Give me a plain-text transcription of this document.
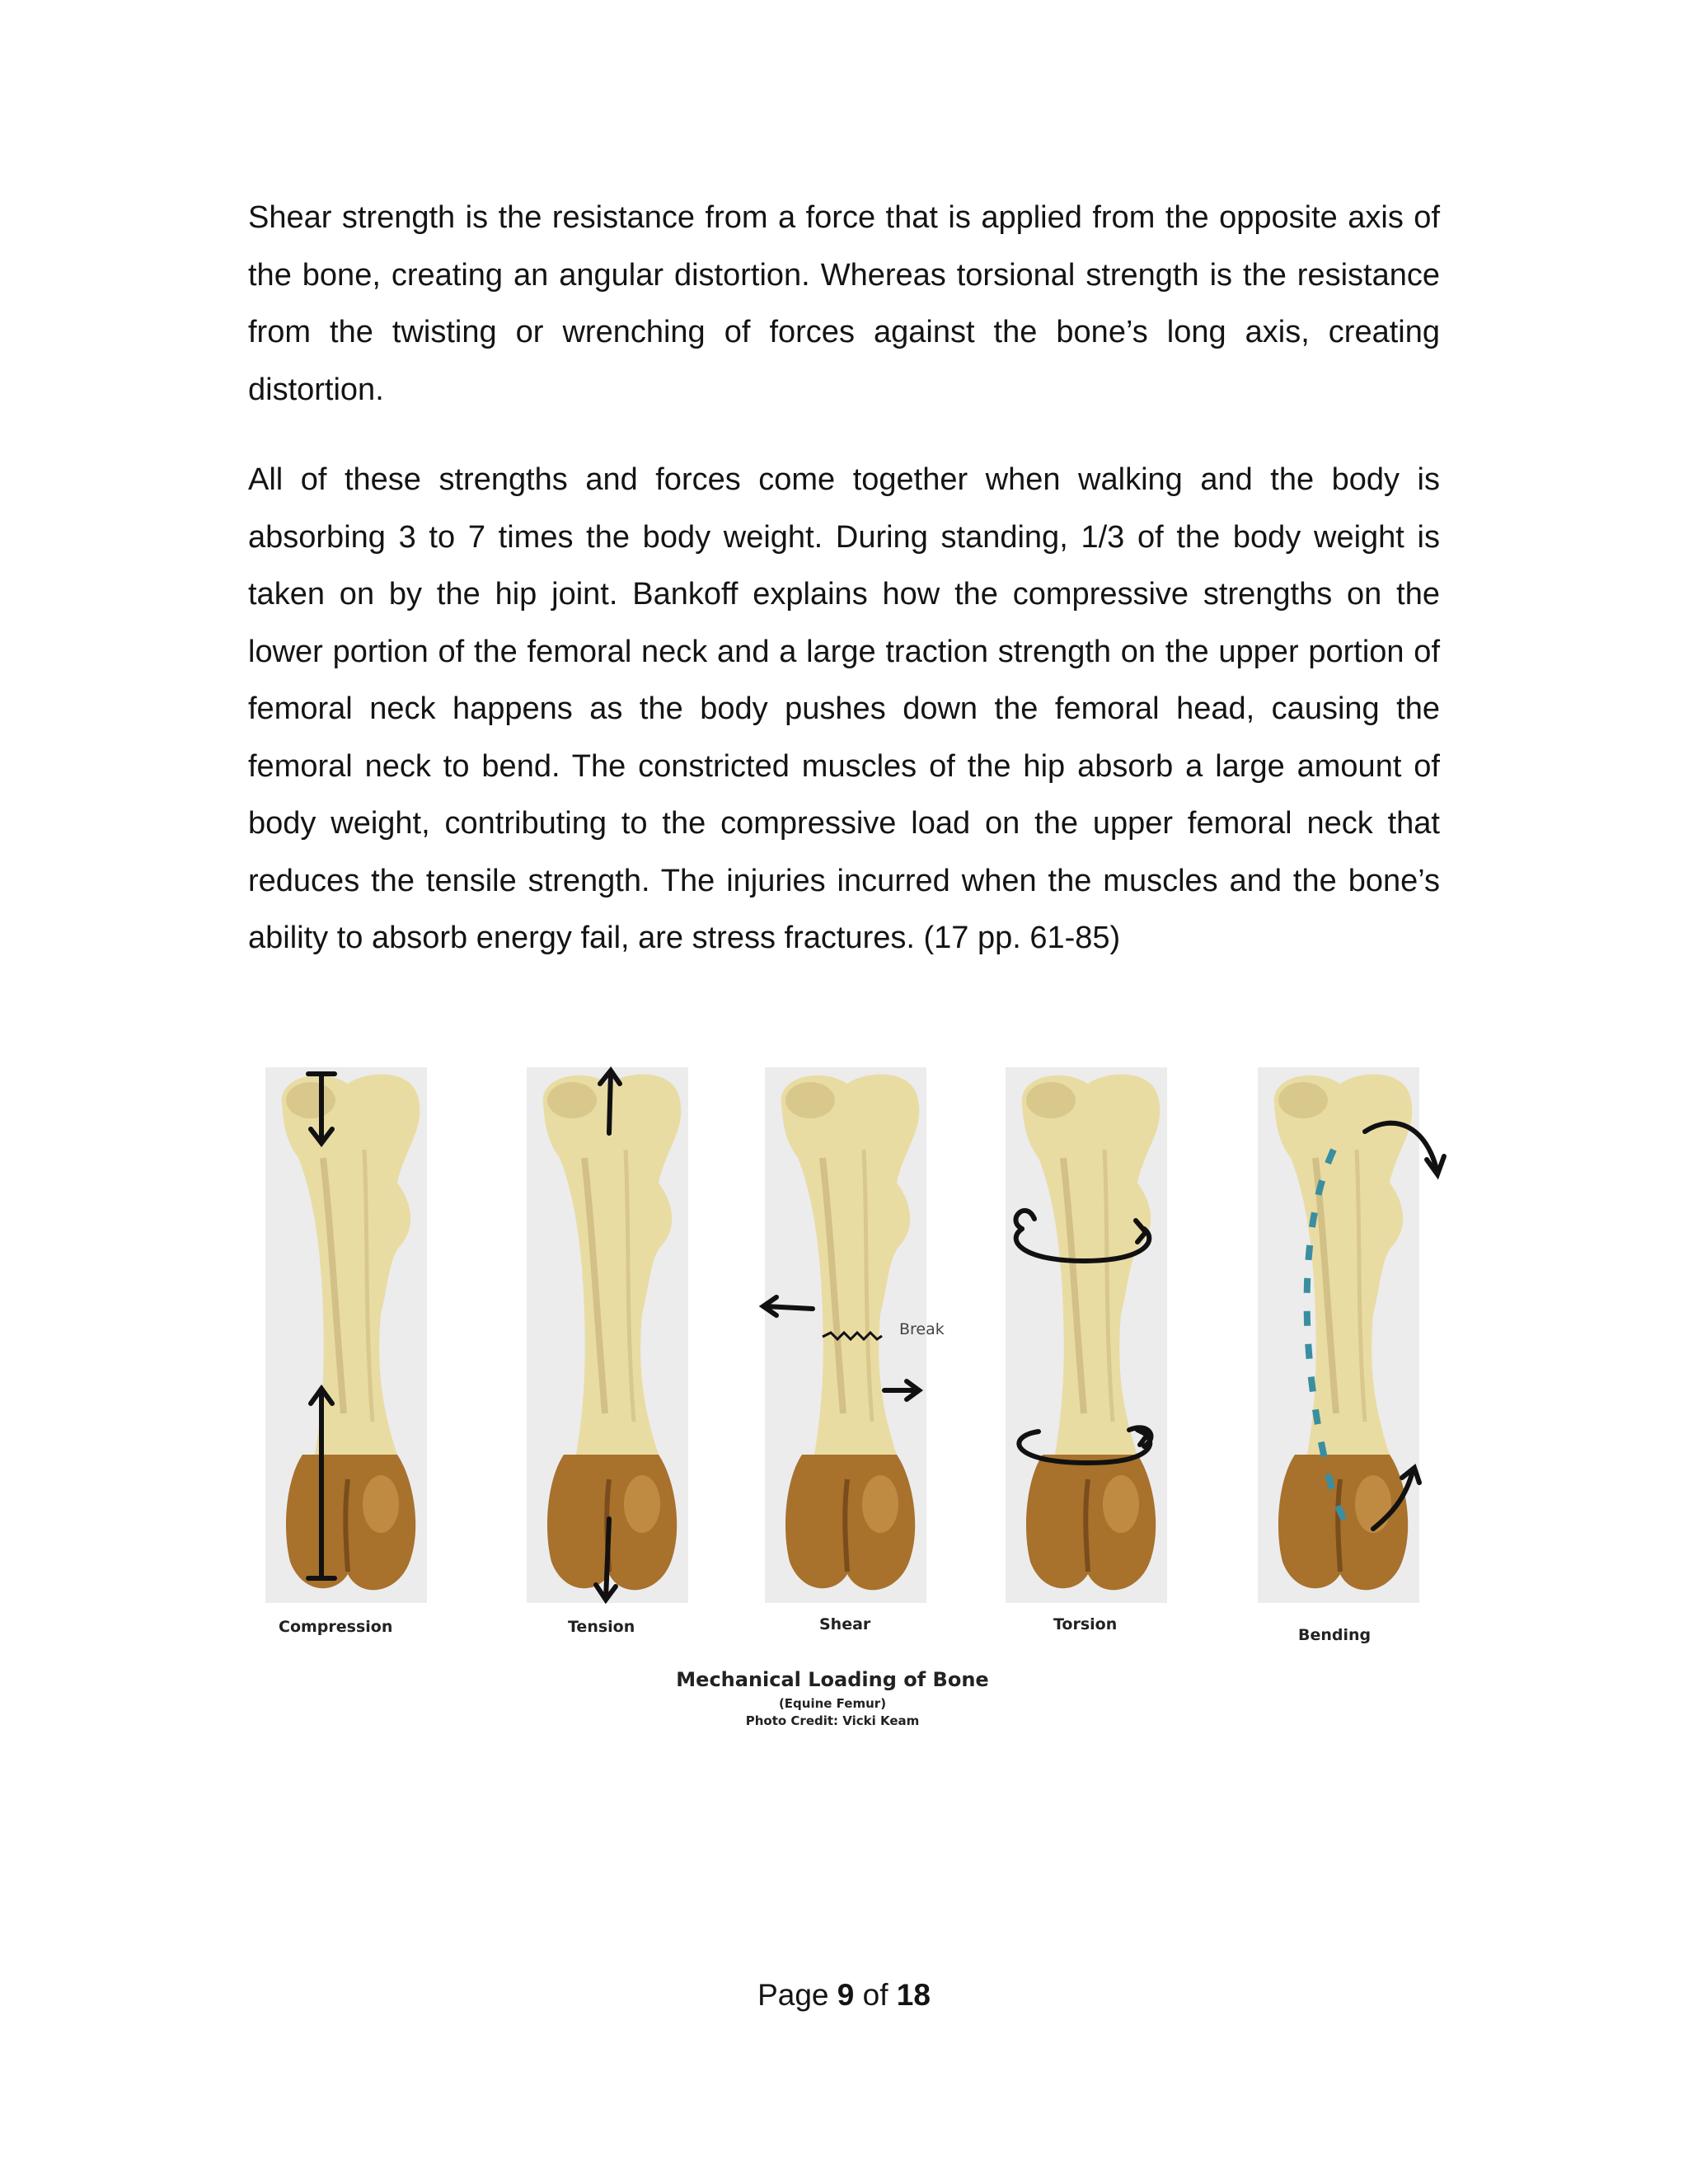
Shear strength is the resistance from a force that is applied from the opposite axis of the bone, creating an angular distortion. Whereas torsional strength is the resistance from the twisting or wrenching of forces against the bone’s long axis, creating distortion.

All of these strengths and forces come together when walking and the body is absorbing 3 to 7 times the body weight. During standing, 1/3 of the body weight is taken on by the hip joint. Bankoff explains how the compressive strengths on the lower portion of the femoral neck and a large traction strength on the upper portion of femoral neck happens as the body pushes down the femoral head, causing the femoral neck to bend. The constricted muscles of the hip absorb a large amount of body weight, contributing to the compressive load on the upper femoral neck that reduces the tensile strength. The injuries incurred when the muscles and the bone’s ability to absorb energy fail, are stress fractures. (17 pp. 61-85)

Break
Compression	Tension	Shear	Torsion
Bending
Mechanical Loading of Bone
(Equine Femur)
Photo Credit: Vicki Keam
Page 9 of 18
